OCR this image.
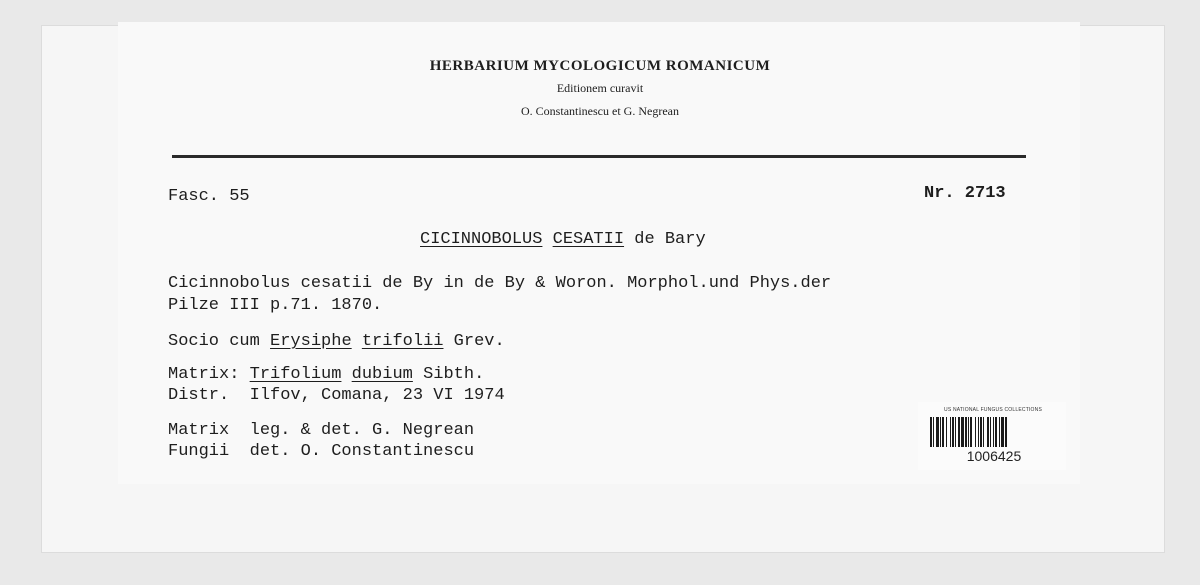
HERBARIUM MYCOLOGICUM ROMANICUM
Editionem curavit
O. Constantinescu et G. Negrean
Fasc. 55	Nr. 2713
CICINNOBOLUS CESATII de Bary
Cicinnobolus cesatii de By in de By & Woron. Morphol.und Phys.der
Pilze III p.71. 1870.
Socio cum Erysiphe trifolii Grev.
Matrix: Trifolium dubium Sibth.
Distr.  Ilfov, Comana, 23 VI 1974
Matrix  leg. & det. G. Negrean
Fungii  det. O. Constantinescu
US NATIONAL FUNGUS COLLECTIONS
1006425
